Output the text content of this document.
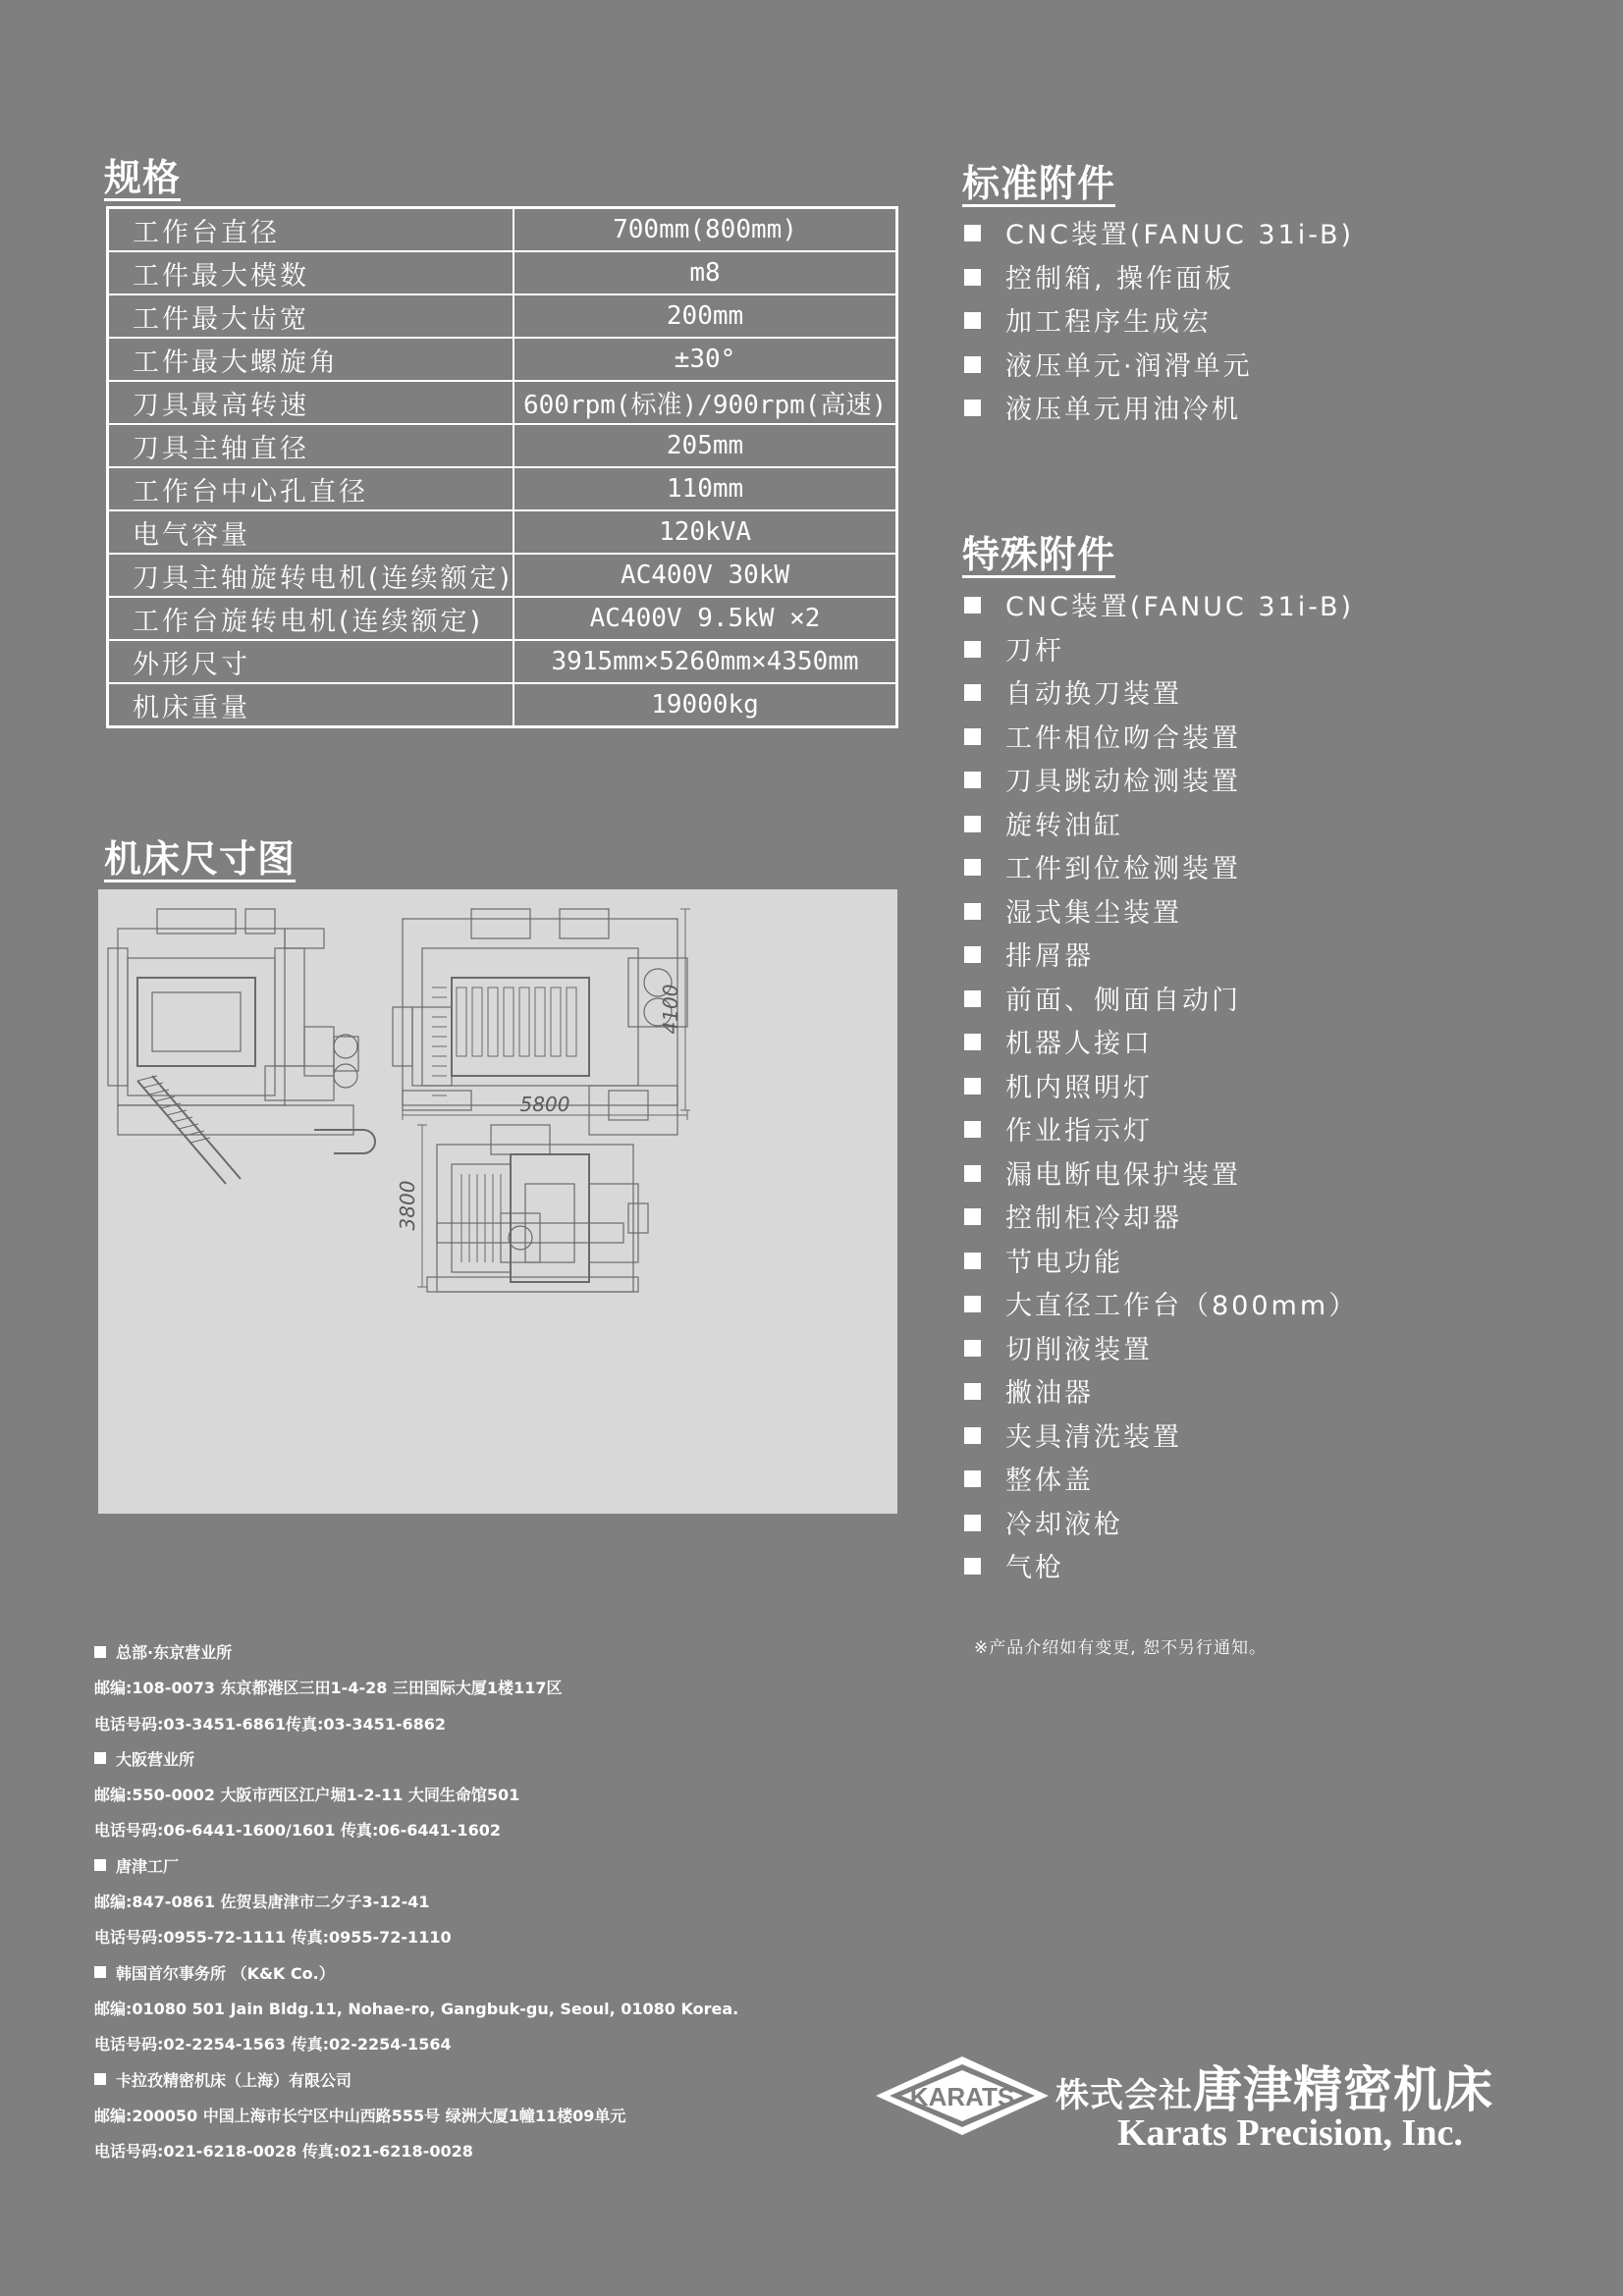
规格
工作台直径	700mm(800mm)
工件最大模数	m8
工件最大齿宽	200mm
工件最大螺旋角	±30°
刀具最高转速	600rpm(标准)/900rpm(高速)
刀具主轴直径	205mm
工作台中心孔直径	110mm
电气容量	120kVA
刀具主轴旋转电机(连续额定)	AC400V 30kW
工作台旋转电机(连续额定)	AC400V 9.5kW ×2
外形尺寸	3915mm×5260mm×4350mm
机床重量	19000kg
机床尺寸图
5800
4100
3800
标准附件
CNC装置(FANUC 31i-B)
控制箱, 操作面板
加工程序生成宏
液压单元·润滑单元
液压单元用油冷机
特殊附件
CNC装置(FANUC 31i-B)
刀杆
自动换刀装置
工件相位吻合装置
刀具跳动检测装置
旋转油缸
工件到位检测装置
湿式集尘装置
排屑器
前面、侧面自动门
机器人接口
机内照明灯
作业指示灯
漏电断电保护装置
控制柜冷却器
节电功能
大直径工作台（800mm）
切削液装置
撇油器
夹具清洗装置
整体盖
冷却液枪
气枪
※产品介绍如有变更, 恕不另行通知。
总部·东京营业所
邮编:108-0073 东京都港区三田1-4-28 三田国际大厦1楼117区
电话号码:03-3451-6861传真:03-3451-6862
大阪营业所
邮编:550-0002 大阪市西区江户堀1-2-11 大同生命馆501
电话号码:06-6441-1600/1601 传真:06-6441-1602
唐津工厂
邮编:847-0861 佐贺县唐津市二夕子3-12-41
电话号码:0955-72-1111 传真:0955-72-1110
韩国首尔事务所 （K&K Co.）
邮编:01080 501 Jain Bldg.11, Nohae-ro, Gangbuk-gu, Seoul, 01080 Korea.
电话号码:02-2254-1563 传真:02-2254-1564
卡拉孜精密机床（上海）有限公司
邮编:200050 中国上海市长宁区中山西路555号 绿洲大厦1幢11楼09单元
电话号码:021-6218-0028 传真:021-6218-0028
KARATS 株式会社唐津精密机床
Karats Precision, Inc.
